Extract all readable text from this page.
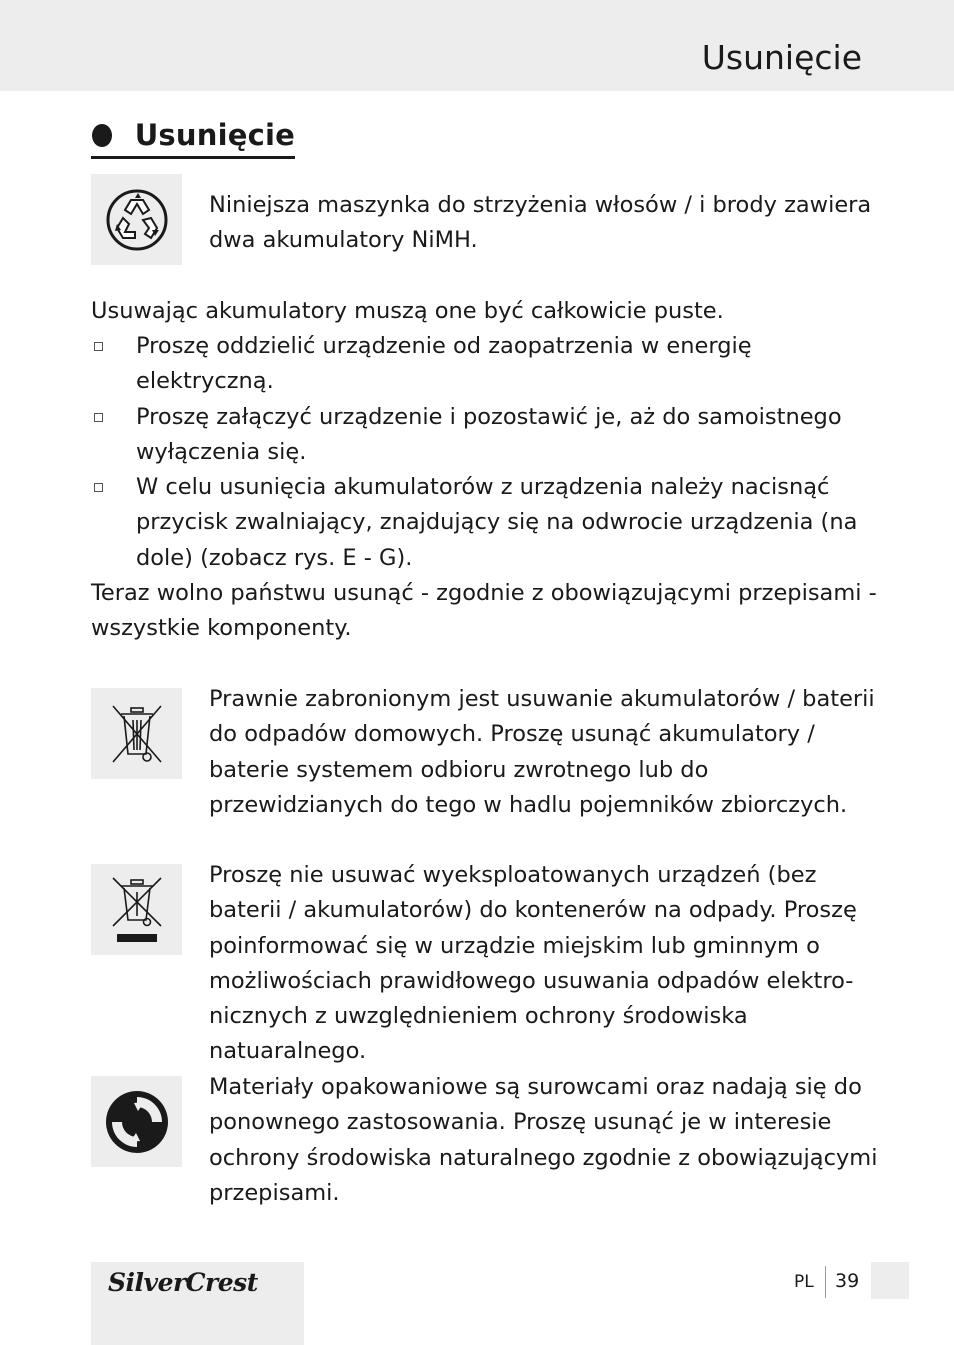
Usunięcie
Usunięcie

Niniejsza maszynka do strzyżenia włosów / i brody zawiera dwa akumulatory NiMH.

Usuwając akumulatory muszą one być całkowicie puste.

Proszę oddzielić urządzenie od zaopatrzenia w energię elektryczną.
Proszę załączyć urządzenie i pozostawić je, aż do samoistnego wyłączenia się.
W celu usunięcia akumulatorów z urządzenia należy nacisnąć przycisk zwalniający, znajdujący się na odwrocie urządzenia (na dole) (zobacz rys. E - G).

Teraz wolno państwu usunąć - zgodnie z obowiązującymi przepisami - wszystkie komponenty.

Prawnie zabronionym jest usuwanie akumulatorów / baterii do odpadów domowych. Proszę usunąć akumulatory / baterie systemem odbioru zwrotnego lub do przewidzianych do tego w hadlu pojemników zbiorczych.

Proszę nie usuwać wyeksploatowanych urządzeń (bez baterii / akumulatorów) do kontenerów na odpady. Proszę poinformować się w urządzie miejskim lub gminnym o możliwościach prawidłowego usuwania odpadów elektro-nicznych z uwzględnieniem ochrony środowiska natuaralnego.

Materiały opakowaniowe są surowcami oraz nadają się do ponownego zastosowania. Proszę usunąć je w interesie ochrony środowiska naturalnego zgodnie z obowiązującymi przepisami.

SilverCrest	PL 39
